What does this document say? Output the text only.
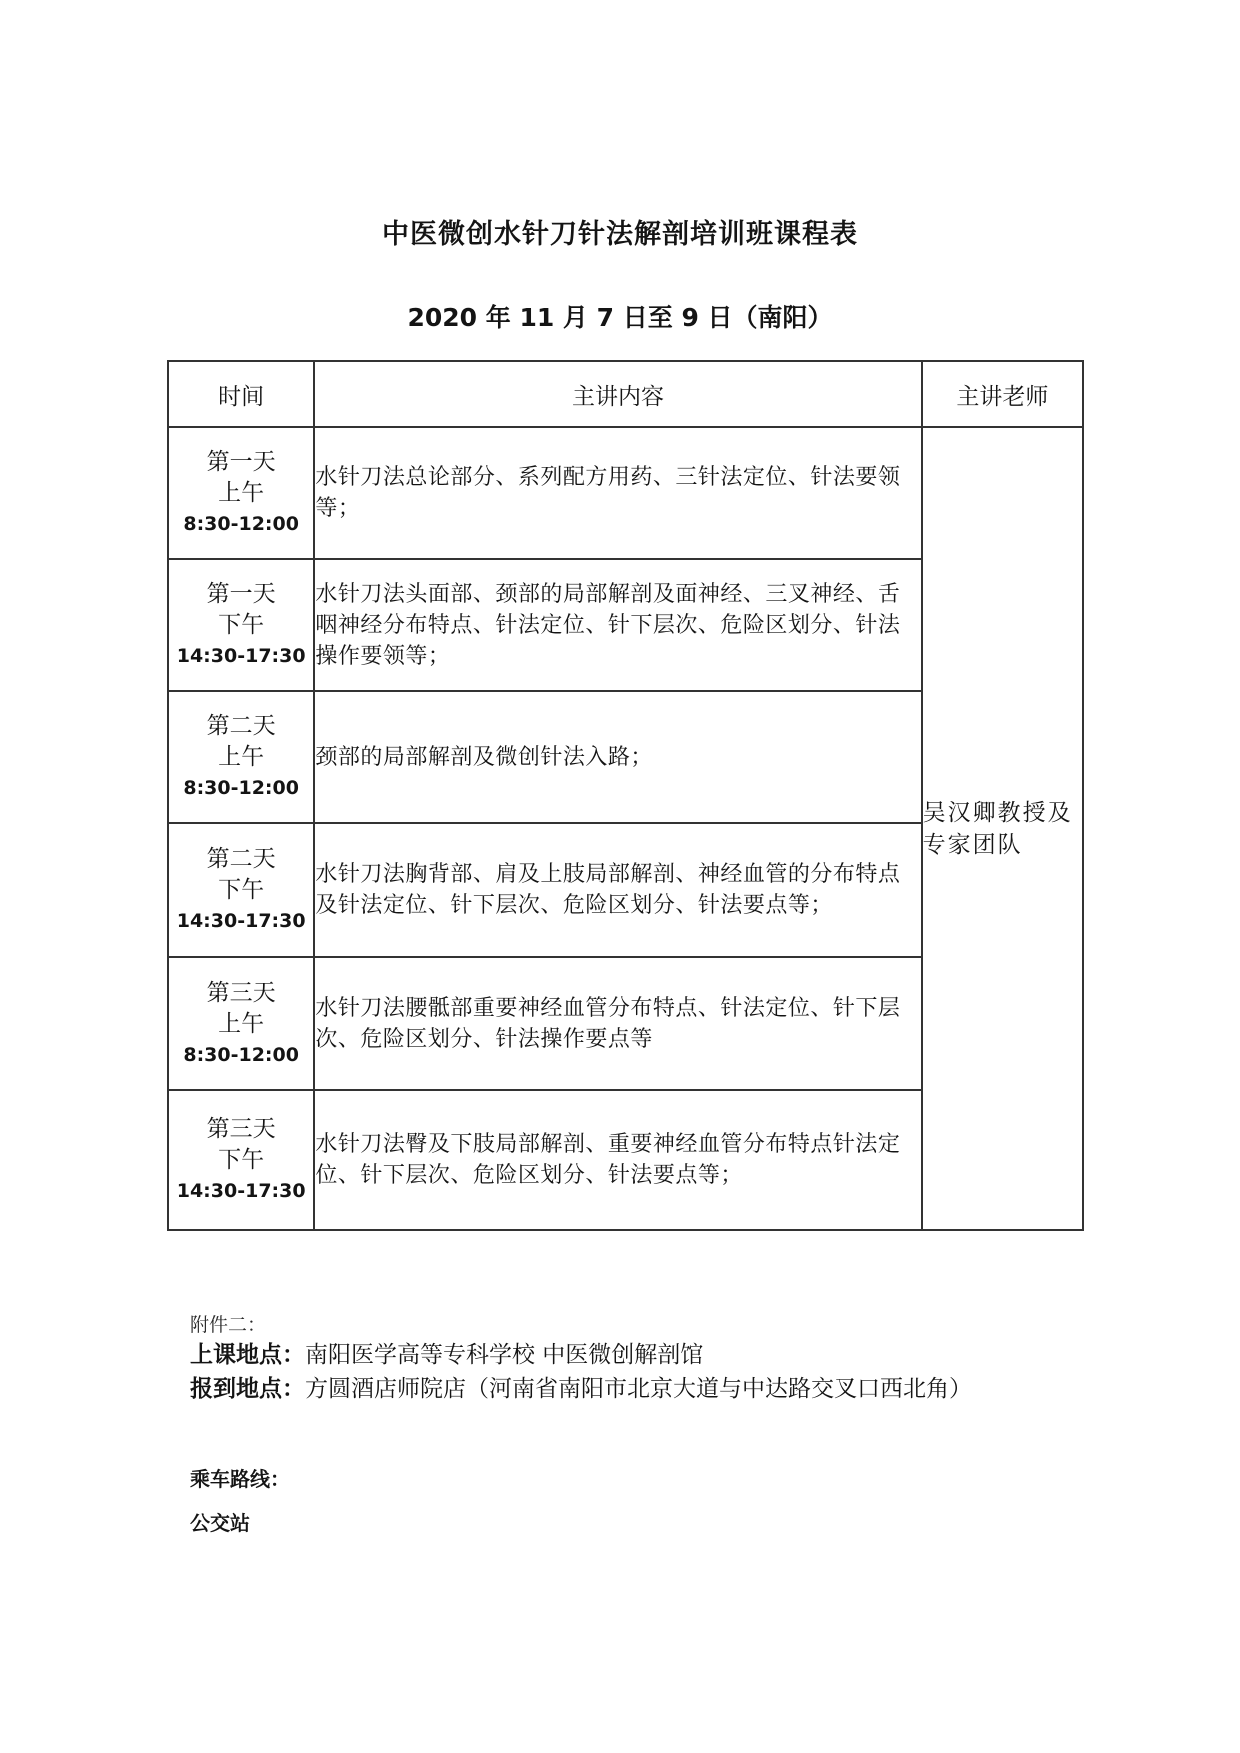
中医微创水针刀针法解剖培训班课程表
2020 年 11 月 7 日至 9 日（南阳）
时间	主讲内容	主讲老师
第一天
上午
8:30-12:00	水针刀法总论部分、系列配方用药、三针法定位、针法要领等；	吴汉卿教授及专家团队
第一天
下午
14:30-17:30	水针刀法头面部、颈部的局部解剖及面神经、三叉神经、舌咽神经分布特点、针法定位、针下层次、危险区划分、针法操作要领等；	
第二天
上午
8:30-12:00	颈部的局部解剖及微创针法入路；	
第二天
下午
14:30-17:30	水针刀法胸背部、肩及上肢局部解剖、神经血管的分布特点及针法定位、针下层次、危险区划分、针法要点等；	
第三天
上午
8:30-12:00	水针刀法腰骶部重要神经血管分布特点、针法定位、针下层次、危险区划分、针法操作要点等	
第三天
下午
14:30-17:30	水针刀法臀及下肢局部解剖、重要神经血管分布特点针法定位、针下层次、危险区划分、针法要点等；	
附件二：
上课地点：南阳医学高等专科学校 中医微创解剖馆
报到地点：方圆酒店师院店（河南省南阳市北京大道与中达路交叉口西北角）
乘车路线：
公交站
